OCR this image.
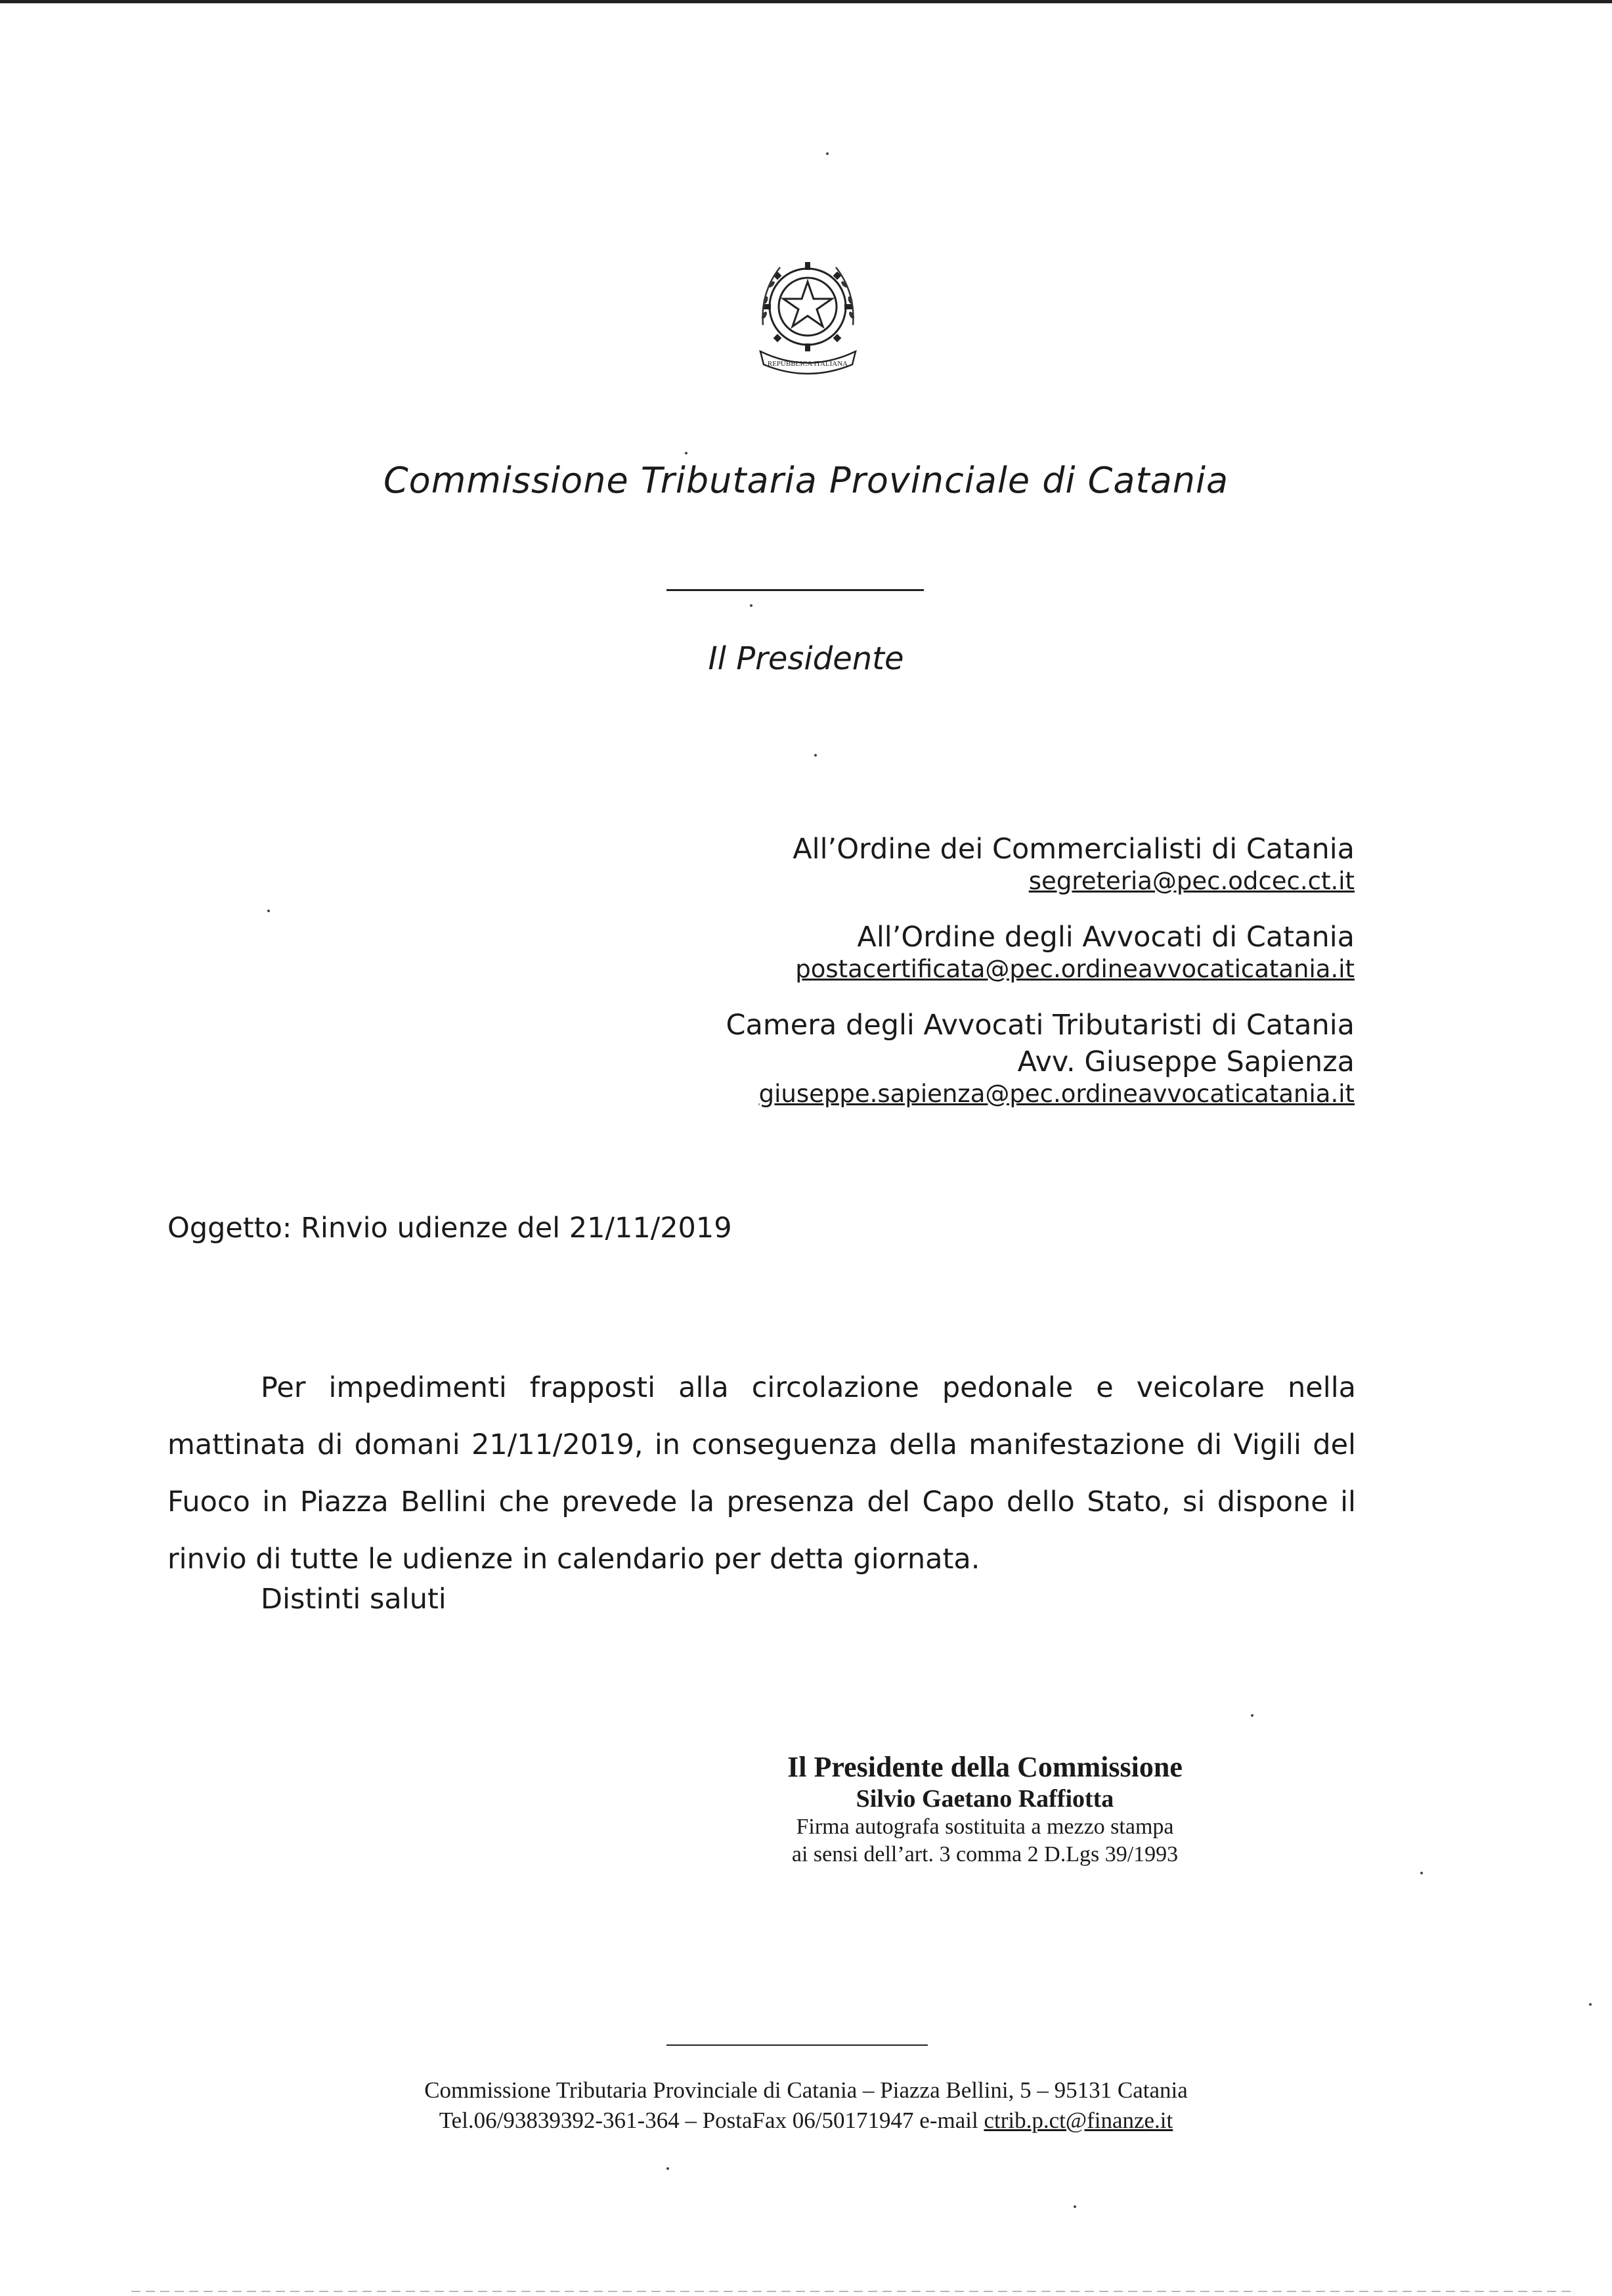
REPUBBLICA ITALIANA
Commissione Tributaria Provinciale di Catania
Il Presidente
All’Ordine dei Commercialisti di Catania
segreteria@pec.odcec.ct.it
All’Ordine degli Avvocati di Catania
postacertificata@pec.ordineavvocaticatania.it
Camera degli Avvocati Tributaristi di Catania
Avv. Giuseppe Sapienza
giuseppe.sapienza@pec.ordineavvocaticatania.it
Oggetto: Rinvio udienze del 21/11/2019
Per impedimenti frapposti alla circolazione pedonale e veicolare nella mattinata di domani 21/11/2019, in conseguenza della manifestazione di Vigili del Fuoco in Piazza Bellini che prevede la presenza del Capo dello Stato, si dispone il rinvio di tutte le udienze in calendario per detta giornata.
Distinti saluti
Il Presidente della Commissione
Silvio Gaetano Raffiotta
Firma autografa sostituita a mezzo stampa
ai sensi dell’art. 3 comma 2 D.Lgs 39/1993
Commissione Tributaria Provinciale di Catania – Piazza Bellini, 5 – 95131 Catania
Tel.06/93839392-361-364 – PostaFax 06/50171947 e-mail ctrib.p.ct@finanze.it
